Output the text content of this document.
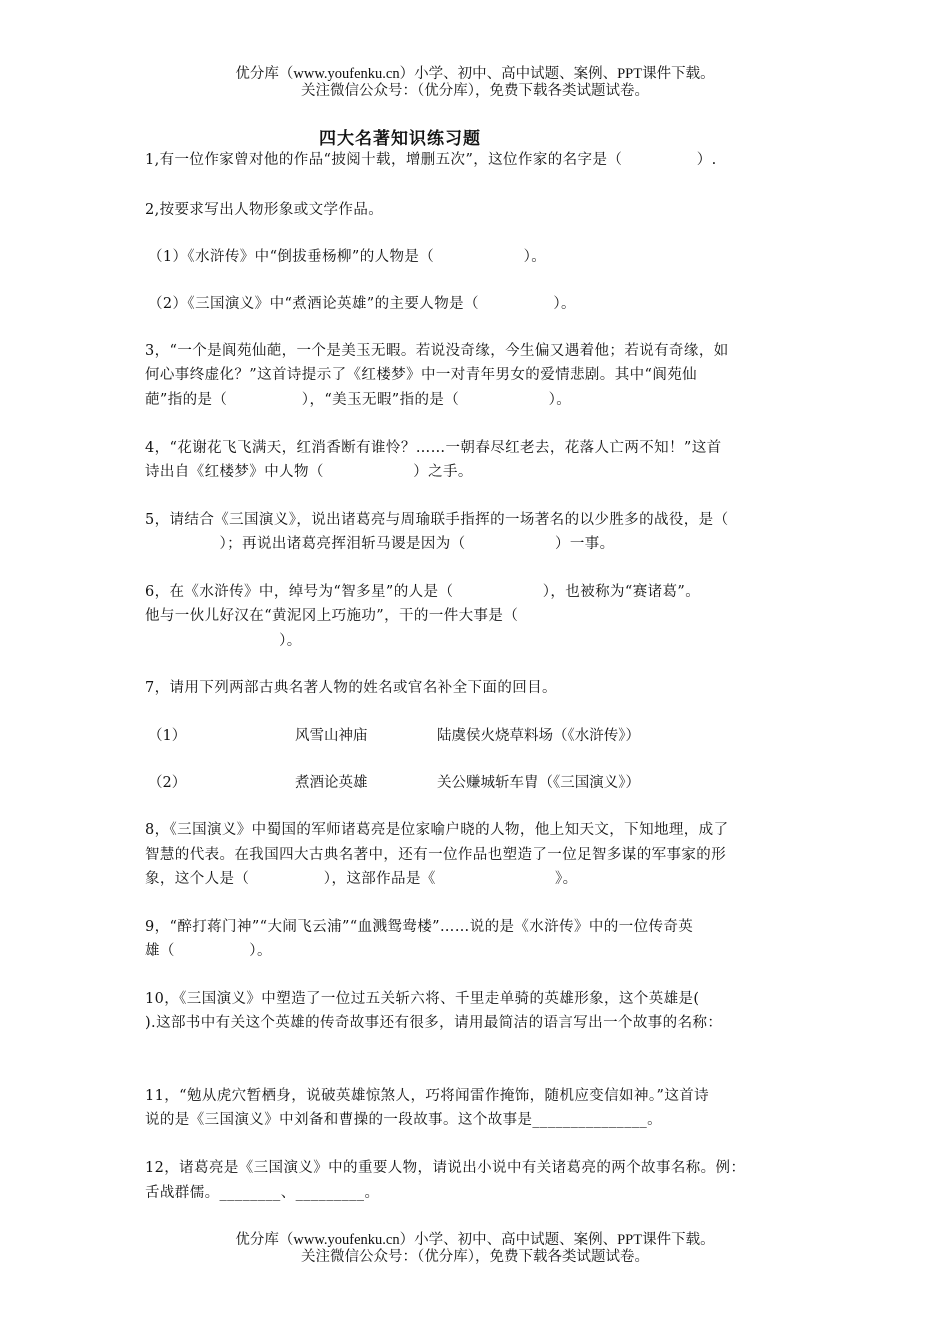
优分库（www.youfenku.cn）小学、初中、高中试题、案例、PPT课件下载。
关注微信公众号：（优分库），免费下载各类试题试卷。
四大名著知识练习题
1,有一位作家曾对他的作品“披阅十载，增删五次”，这位作家的名字是（　　　　　）.
2,按要求写出人物形象或文学作品。
（1）《水浒传》中“倒拔垂杨柳”的人物是（　　　　　　）。
（2）《三国演义》中“煮酒论英雄”的主要人物是（　　　　　）。
3，“一个是阆苑仙葩，一个是美玉无暇。若说没奇缘，今生偏又遇着他；若说有奇缘，如
何心事终虚化？”这首诗提示了《红楼梦》中一对青年男女的爱情悲剧。其中“阆苑仙
葩”指的是（　　　　　），“美玉无暇”指的是（　　　　　　）。
4，“花谢花飞飞满天，红消香断有谁怜？……一朝春尽红老去，花落人亡两不知！”这首
诗出自《红楼梦》中人物（　　　　　　）之手。
5，请结合《三国演义》，说出诸葛亮与周瑜联手指挥的一场著名的以少胜多的战役，是（
　　　　　）；再说出诸葛亮挥泪斩马谡是因为（　　　　　　）一事。
6，在《水浒传》中，绰号为“智多星”的人是（　　　　　　），也被称为“赛诸葛”。
他与一伙儿好汉在“黄泥冈上巧施功”，干的一件大事是（
　　　　　　　　　）。
7，请用下列两部古典名著人物的姓名或官名补全下面的回目。
（1）	风雪山神庙	陆虞侯火烧草料场（《水浒传》）
（2）	煮酒论英雄	关公赚城斩车胄（《三国演义》）
8，《三国演义》中蜀国的军师诸葛亮是位家喻户晓的人物，他上知天文，下知地理，成了
智慧的代表。在我国四大古典名著中，还有一位作品也塑造了一位足智多谋的军事家的形
象，这个人是（　　　　　），这部作品是《　　　　　　　　》。
9，“醉打蒋门神”“大闹飞云浦”“血溅鸳鸯楼”……说的是《水浒传》中的一位传奇英
雄（　　　　　）。
10，《三国演义》中塑造了一位过五关斩六将、千里走单骑的英雄形象，这个英雄是(
).这部书中有关这个英雄的传奇故事还有很多，请用最简洁的语言写出一个故事的名称：
11，“勉从虎穴暂栖身，说破英雄惊煞人，巧将闻雷作掩饰，随机应变信如神。”这首诗
说的是《三国演义》中刘备和曹操的一段故事。这个故事是_______________。
12，诸葛亮是《三国演义》中的重要人物，请说出小说中有关诸葛亮的两个故事名称。例：
舌战群儒。________、_________。
优分库（www.youfenku.cn）小学、初中、高中试题、案例、PPT课件下载。
关注微信公众号：（优分库），免费下载各类试题试卷。
